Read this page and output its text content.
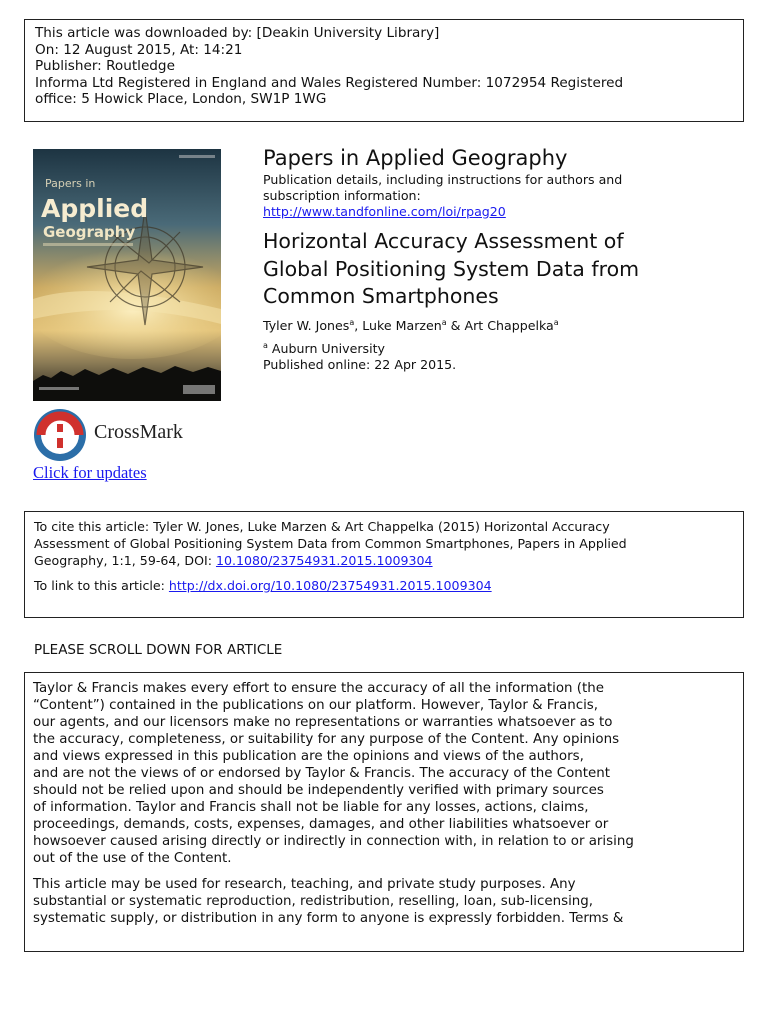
This article was downloaded by: [Deakin University Library]
On: 12 August 2015, At: 14:21
Publisher: Routledge
Informa Ltd Registered in England and Wales Registered Number: 1072954 Registered
office: 5 Howick Place, London, SW1P 1WG
Papers in
Applied
Geography
Papers in Applied Geography
Publication details, including instructions for authors and
subscription information:
http://www.tandfonline.com/loi/rpag20
Horizontal Accuracy Assessment of
Global Positioning System Data from
Common Smartphones
Tyler W. Jones$^a$, Luke Marzen$^a$ & Art Chappelka$^a$
$^a$ Auburn University
Published online: 22 Apr 2015.
CrossMark
Click for updates
To cite this article: Tyler W. Jones, Luke Marzen & Art Chappelka (2015) Horizontal Accuracy
Assessment of Global Positioning System Data from Common Smartphones, Papers in Applied
Geography, 1:1, 59-64, DOI: 10.1080/23754931.2015.1009304
To link to this article: http://dx.doi.org/10.1080/23754931.2015.1009304
PLEASE SCROLL DOWN FOR ARTICLE
Taylor & Francis makes every effort to ensure the accuracy of all the information (the
“Content”) contained in the publications on our platform. However, Taylor & Francis,
our agents, and our licensors make no representations or warranties whatsoever as to
the accuracy, completeness, or suitability for any purpose of the Content. Any opinions
and views expressed in this publication are the opinions and views of the authors,
and are not the views of or endorsed by Taylor & Francis. The accuracy of the Content
should not be relied upon and should be independently verified with primary sources
of information. Taylor and Francis shall not be liable for any losses, actions, claims,
proceedings, demands, costs, expenses, damages, and other liabilities whatsoever or
howsoever caused arising directly or indirectly in connection with, in relation to or arising
out of the use of the Content.
This article may be used for research, teaching, and private study purposes. Any
substantial or systematic reproduction, redistribution, reselling, loan, sub-licensing,
systematic supply, or distribution in any form to anyone is expressly forbidden. Terms &
